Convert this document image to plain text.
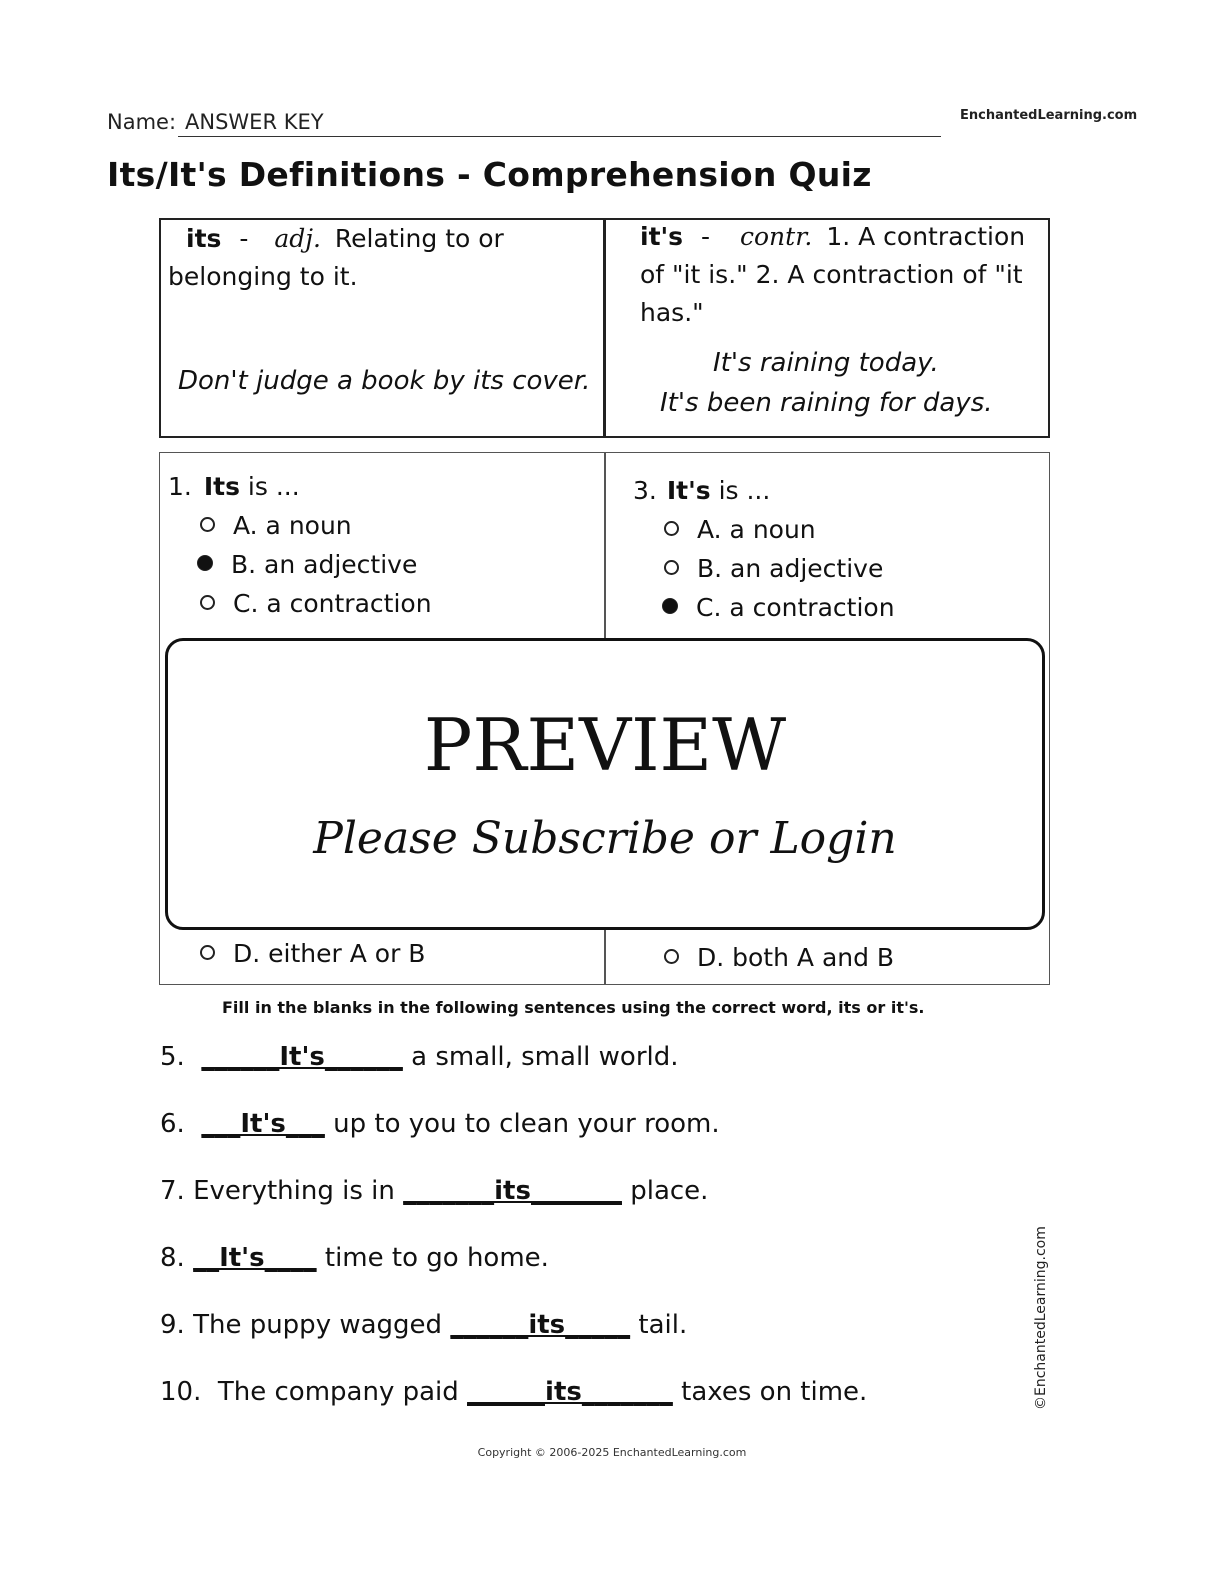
Name: ANSWER KEY	EnchantedLearning.com
Its/It's Definitions - Comprehension Quiz
its - adj. Relating to or belonging to it.
Don't judge a book by its cover.
it's - contr. 1. A contraction of "it is." 2. A contraction of "it has."
It's raining today.
It's been raining for days.
1. Its is ...
A. a noun
B. an adjective
C. a contraction
3. It's is ...
A. a noun
B. an adjective
C. a contraction
D. either A or B	D. both A and B
PREVIEW
Please Subscribe or Login
Fill in the blanks in the following sentences using the correct word, its or it's.
5. ______It's______ a small, small world.
6. ___It's___ up to you to clean your room.
7. Everything is in _______its_______ place.
8. __It's____ time to go home.
9. The puppy wagged ______its_____ tail.
10. The company paid ______its_______ taxes on time.	©EnchantedLearning.com
Copyright © 2006-2025 EnchantedLearning.com
